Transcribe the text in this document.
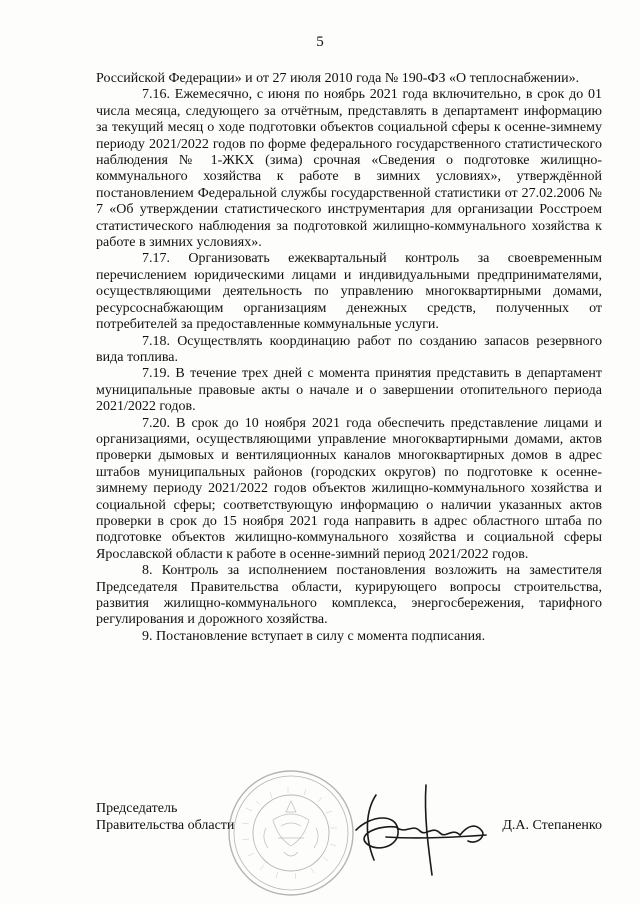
5

Российской Федерации» и от 27 июля 2010 года № 190-ФЗ «О теплоснабжении».

7.16. Ежемесячно, с июня по ноябрь 2021 года включительно, в срок до 01 числа месяца, следующего за отчётным, представлять в департамент информацию за текущий месяц о ходе подготовки объектов социальной сферы к осенне-зимнему периоду 2021/2022 годов по форме федерального государственного статистического наблюдения № 1-ЖКХ (зима) срочная «Сведения о подготовке жилищно-коммунального хозяйства к работе в зимних условиях», утверждённой постановлением Федеральной службы государственной статистики от 27.02.2006 № 7 «Об утверждении статистического инструментария для организации Росстроем статистического наблюдения за подготовкой жилищно-коммунального хозяйства к работе в зимних условиях».

7.17. Организовать ежеквартальный контроль за своевременным перечислением юридическими лицами и индивидуальными предпринимателями, осуществляющими деятельность по управлению многоквартирными домами, ресурсоснабжающим организациям денежных средств, полученных от потребителей за предоставленные коммунальные услуги.

7.18. Осуществлять координацию работ по созданию запасов резервного вида топлива.

7.19. В течение трех дней с момента принятия представить в департамент муниципальные правовые акты о начале и о завершении отопительного периода 2021/2022 годов.

7.20. В срок до 10 ноября 2021 года обеспечить представление лицами и организациями, осуществляющими управление многоквартирными домами, актов проверки дымовых и вентиляционных каналов многоквартирных домов в адрес штабов муниципальных районов (городских округов) по подготовке к осенне-зимнему периоду 2021/2022 годов объектов жилищно-коммунального хозяйства и социальной сферы; соответствующую информацию о наличии указанных актов проверки в срок до 15 ноября 2021 года направить в адрес областного штаба по подготовке объектов жилищно-коммунального хозяйства и социальной сферы Ярославской области к работе в осенне-зимний период 2021/2022 годов.

8. Контроль за исполнением постановления возложить на заместителя Председателя Правительства области, курирующего вопросы строительства, развития жилищно-коммунального комплекса, энергосбережения, тарифного регулирования и дорожного хозяйства.

9. Постановление вступает в силу с момента подписания.

Председатель
Правительства области	Д.А. Степаненко
